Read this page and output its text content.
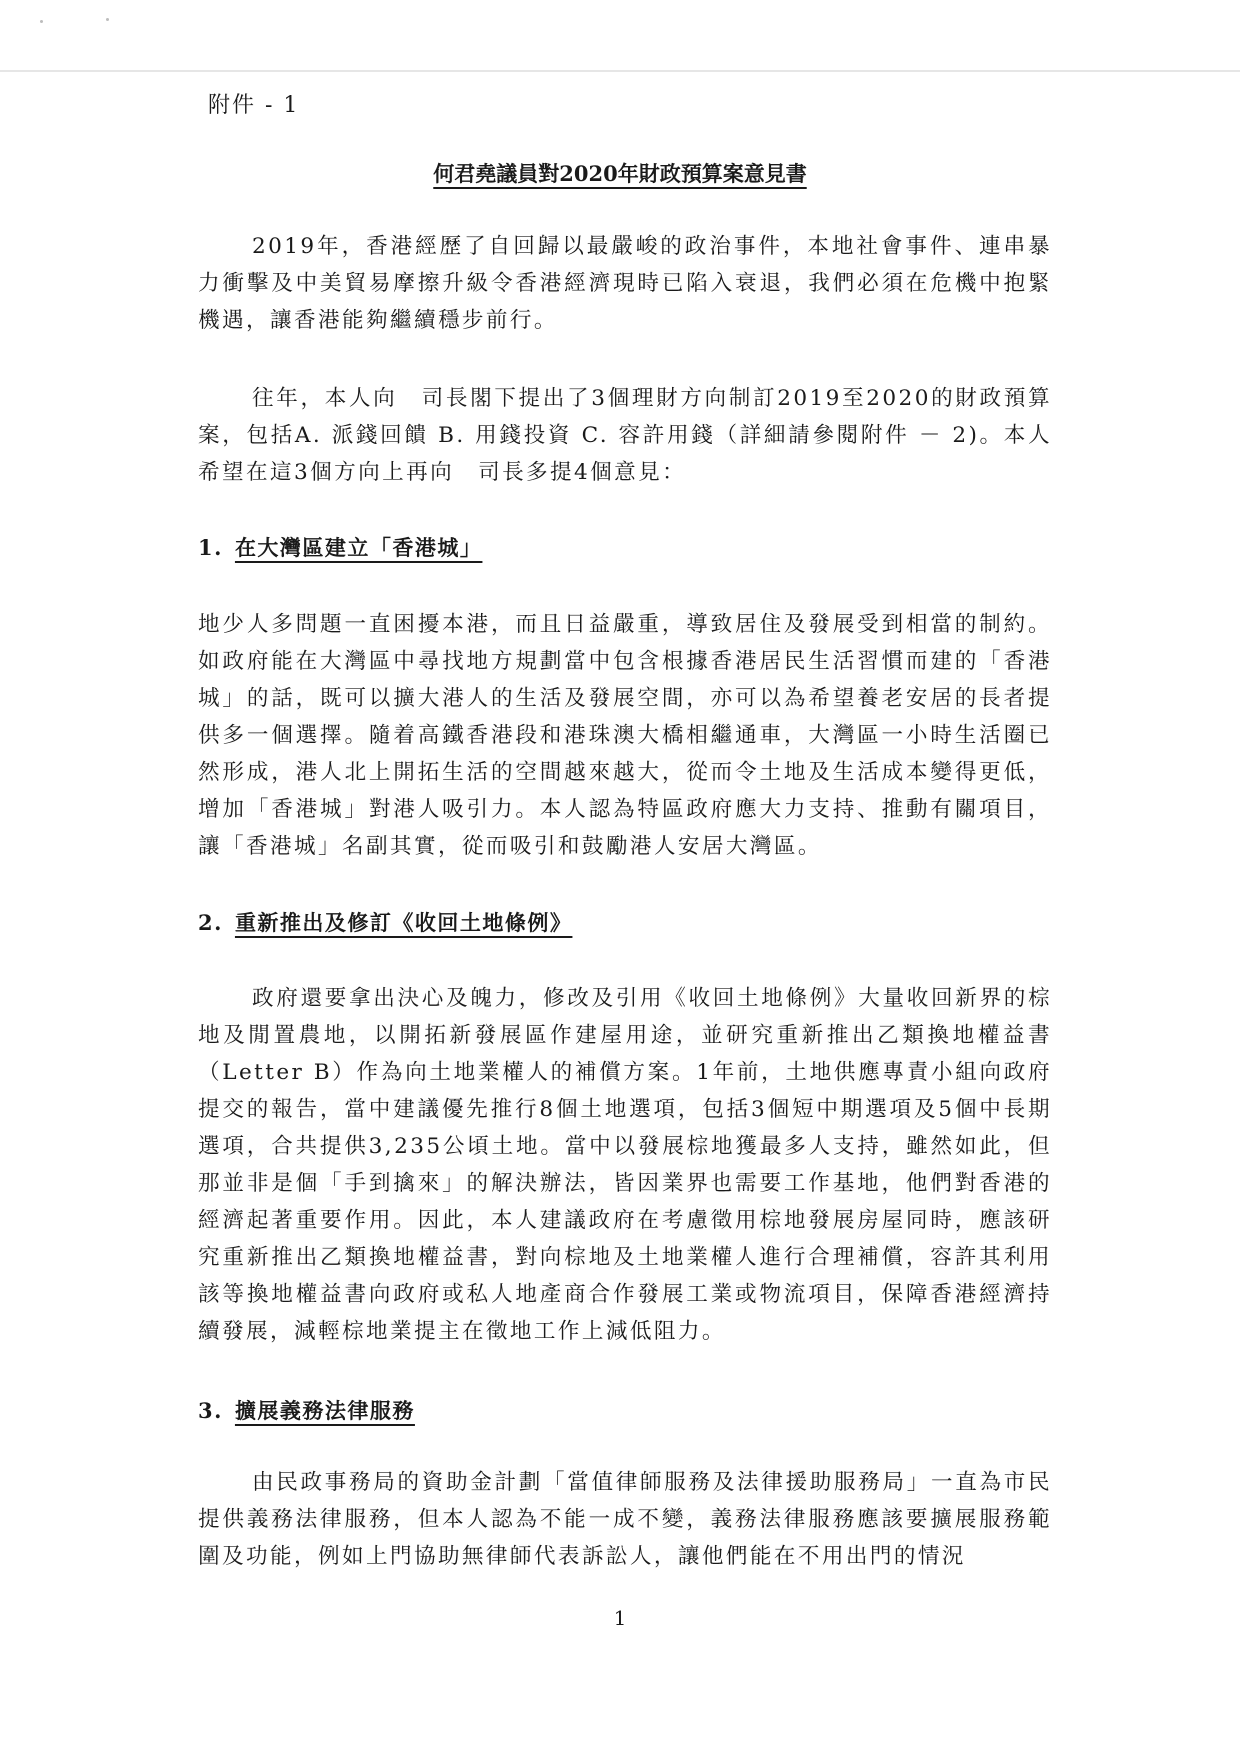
附件 - 1
何君堯議員對2020年財政預算案意見書

2019年，香港經歷了自回歸以最嚴峻的政治事件，本地社會事件、連串暴力衝擊及中美貿易摩擦升級令香港經濟現時已陷入衰退，我們必須在危機中抱緊機遇，讓香港能夠繼續穩步前行。

往年，本人向　司長閣下提出了3個理財方向制訂2019至2020的財政預算案，包括A. 派錢回饋 B. 用錢投資 C. 容許用錢（詳細請參閱附件 － 2)。本人希望在這3個方向上再向　司長多提4個意見：

1. 在大灣區建立「香港城」

地少人多問題一直困擾本港，而且日益嚴重，導致居住及發展受到相當的制約。如政府能在大灣區中尋找地方規劃當中包含根據香港居民生活習慣而建的「香港城」的話，既可以擴大港人的生活及發展空間，亦可以為希望養老安居的長者提供多一個選擇。隨着高鐵香港段和港珠澳大橋相繼通車，大灣區一小時生活圈已然形成，港人北上開拓生活的空間越來越大，從而令土地及生活成本變得更低，增加「香港城」對港人吸引力。本人認為特區政府應大力支持、推動有關項目，讓「香港城」名副其實，從而吸引和鼓勵港人安居大灣區。

2. 重新推出及修訂《收回土地條例》

政府還要拿出決心及魄力，修改及引用《收回土地條例》大量收回新界的棕地及閒置農地，以開拓新發展區作建屋用途，並研究重新推出乙類換地權益書（Letter B）作為向土地業權人的補償方案。1年前，土地供應專責小組向政府提交的報告，當中建議優先推行8個土地選項，包括3個短中期選項及5個中長期選項，合共提供3,235公頃土地。當中以發展棕地獲最多人支持，雖然如此，但那並非是個「手到擒來」的解決辦法，皆因業界也需要工作基地，他們對香港的經濟起著重要作用。因此，本人建議政府在考慮徵用棕地發展房屋同時，應該研究重新推出乙類換地權益書，對向棕地及土地業權人進行合理補償，容許其利用該等換地權益書向政府或私人地產商合作發展工業或物流項目，保障香港經濟持續發展，減輕棕地業提主在徵地工作上減低阻力。

3. 擴展義務法律服務

由民政事務局的資助金計劃「當值律師服務及法律援助服務局」一直為市民提供義務法律服務，但本人認為不能一成不變，義務法律服務應該要擴展服務範圍及功能，例如上門協助無律師代表訴訟人，讓他們能在不用出門的情況

1
